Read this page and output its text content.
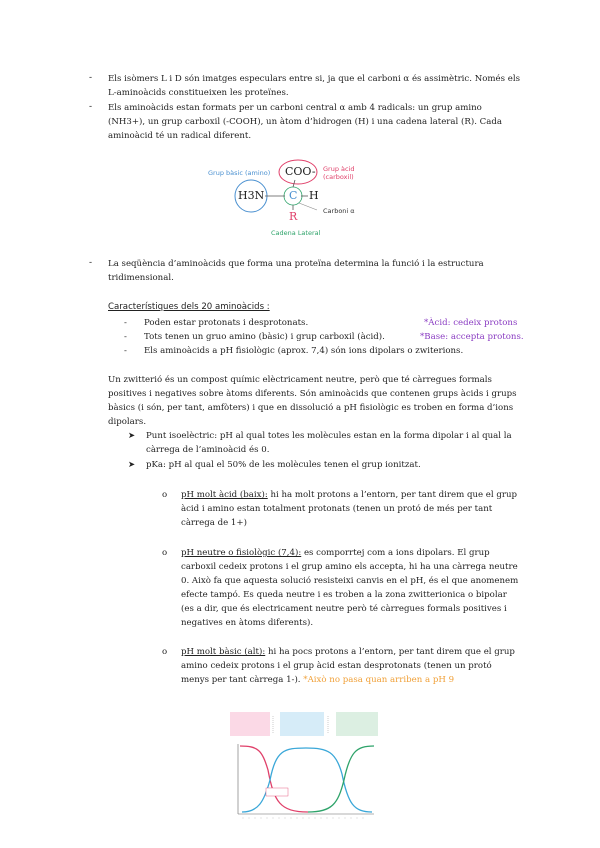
- Els isòmers L i D són imatges especulars entre si, ja que el carboni α és assimètric. Només els
L-aminoàcids constitueixen les proteïnes.
- Els aminoàcids estan formats per un carboni central α amb 4 radicals: un grup amino
(NH3+), un grup carboxil (-COOH), un àtom d’hidrogen (H) i una cadena lateral (R). Cada
aminoàcid té un radical diferent.
Grup bàsic (amino)	Grup àcid (carboxil)
COO-
H3N C H
R	Carboni α
Cadena Lateral
- La seqüència d’aminoàcids que forma una proteïna determina la funció i la estructura
tridimensional.
Característiques dels 20 aminoàcids :
-
-
-
Poden estar protonats i desprotonats.	*Àcid: cedeix protons
Tots tenen un gruo amino (bàsic) i grup carboxil (àcid).	*Base: accepta protons.
Els aminoàcids a pH fisiològic (aprox. 7,4) són ions dipolars o zwiterions.
Un zwitterió és un compost químic elèctricament neutre, però que té càrregues formals
positives i negatives sobre àtoms diferents. Són aminoàcids que contenen grups àcids i grups
bàsics (i són, per tant, amfòters) i que en dissolució a pH fisiològic es troben en forma d’ions
dipolars.
➤ Punt isoelèctric: pH al qual totes les molècules estan en la forma dipolar i al qual la
càrrega de l’aminoàcid és 0.
➤ pKa: pH al qual el 50% de les molècules tenen el grup ionitzat.
o pH molt àcid (baix): hi ha molt protons a l’entorn, per tant direm que el grup
àcid i amino estan totalment protonats (tenen un protó de més per tant
càrrega de 1+)
o pH neutre o fisiològic (7,4): es comporrtej com a ions dipolars. El grup
carboxil cedeix protons i el grup amino els accepta, hi ha una càrrega neutre
0. Això fa que aquesta solució resisteixi canvis en el pH, és el que anomenem
efecte tampó. Es queda neutre i es troben a la zona zwitterionica o bipolar
(es a dir, que és electricament neutre però té càrregues formals positives i
negatives en àtoms diferents).
o pH molt bàsic (alt): hi ha pocs protons a l’entorn, per tant direm que el grup
amino cedeix protons i el grup àcid estan desprotonats (tenen un protó
menys per tant càrrega 1-). *Això no pasa quan arriben a pH 9
